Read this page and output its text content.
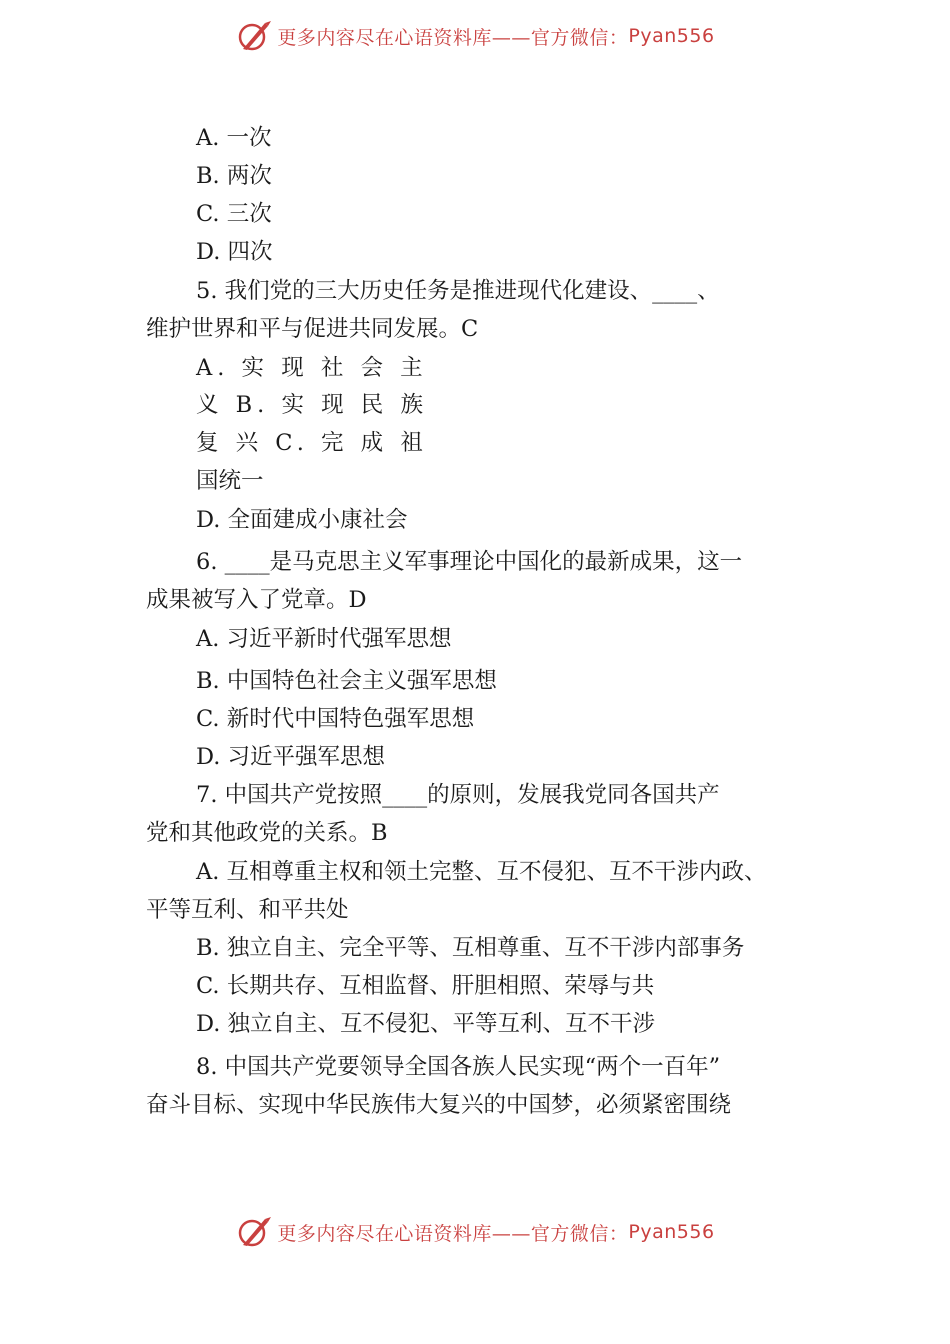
更多内容尽在心语资料库——官方微信： Pyan556
A. 一次
B. 两次
C. 三次
D. 四次
5. 我们党的三大历史任务是推进现代化建设、____、
维护世界和平与促进共同发展。C
A. 实 现 社 会 主
义 B. 实 现 民 族
复 兴 C. 完 成 祖
国统一
D. 全面建成小康社会
6. ____是马克思主义军事理论中国化的最新成果，这一
成果被写入了党章。D
A. 习近平新时代强军思想
B. 中国特色社会主义强军思想
C. 新时代中国特色强军思想
D. 习近平强军思想
7. 中国共产党按照____的原则，发展我党同各国共产
党和其他政党的关系。B
A. 互相尊重主权和领土完整、互不侵犯、互不干涉内政、
平等互利、和平共处
B. 独立自主、完全平等、互相尊重、互不干涉内部事务
C. 长期共存、互相监督、肝胆相照、荣辱与共
D. 独立自主、互不侵犯、平等互利、互不干涉
8. 中国共产党要领导全国各族人民实现“两个一百年”
奋斗目标、实现中华民族伟大复兴的中国梦，必须紧密围绕
更多内容尽在心语资料库——官方微信： Pyan556
